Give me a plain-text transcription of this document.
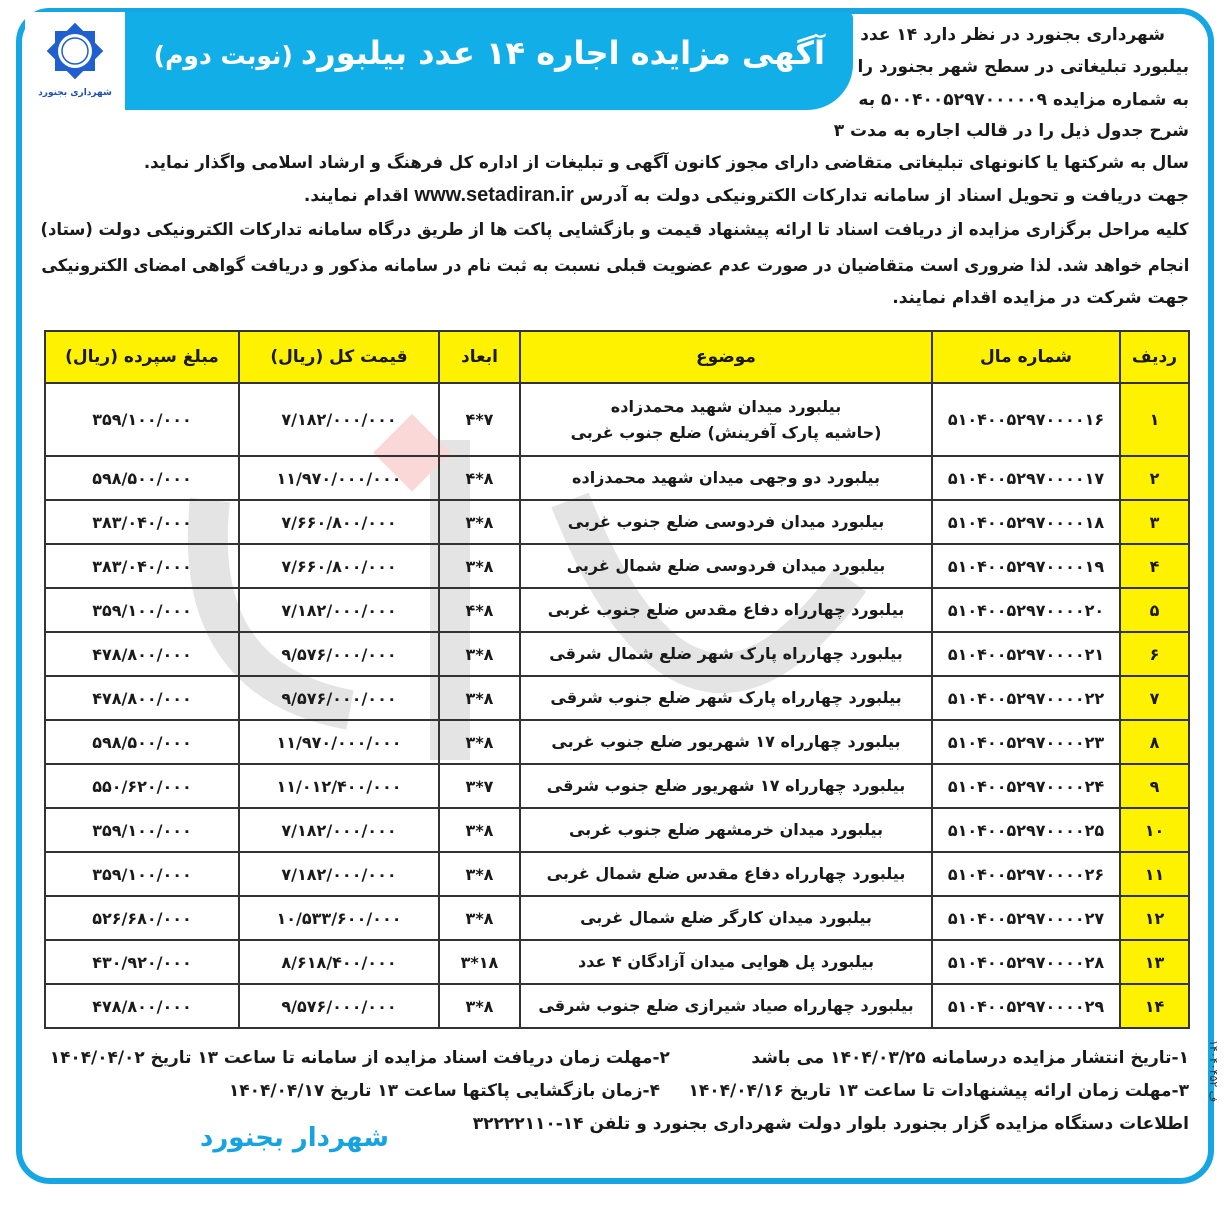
شهرداری بجنورد
آگهی مزایده اجاره ۱۴ عدد بیلبورد(نوبت دوم)
شهرداری بجنورد در نظر دارد ۱۴ عدد
بیلبورد تبلیغاتی در سطح شهر بجنورد را
به شماره مزایده ۵۰۰۴۰۰۵۲۹۷۰۰۰۰۰۹ به
شرح جدول ذیل را در قالب اجاره به مدت ۳
سال به شرکتها یا کانونهای تبلیغاتی متقاضی دارای مجوز کانون آگهی و تبلیغات از اداره کل فرهنگ و ارشاد اسلامی واگذار نماید.
جهت دریافت و تحویل اسناد از سامانه تدارکات الکترونیکی دولت به آدرس www.setadiran.ir اقدام نمایند.
کلیه مراحل برگزاری مزایده از دریافت اسناد تا ارائه پیشنهاد قیمت و بازگشایی پاکت ها از طریق درگاه سامانه تدارکات الکترونیکی دولت (ستاد)
انجام خواهد شد. لذا ضروری است متقاضیان در صورت عدم عضویت قبلی نسبت به ثبت نام در سامانه مذکور و دریافت گواهی امضای الکترونیکی
جهت شرکت در مزایده اقدام نمایند.
ردیف	شماره مال	موضوع	ابعاد	قیمت کل (ریال)	مبلغ سپرده (ریال)
۱	۵۱۰۴۰۰۵۲۹۷۰۰۰۰۱۶	بیلبورد میدان شهید محمدزاده
(حاشیه پارک آفرینش) ضلع جنوب غربی	۴*۷	۷/۱۸۲/۰۰۰/۰۰۰	۳۵۹/۱۰۰/۰۰۰
۲	۵۱۰۴۰۰۵۲۹۷۰۰۰۰۱۷	بیلبورد دو وجهی میدان شهید محمدزاده	۴*۸	۱۱/۹۷۰/۰۰۰/۰۰۰	۵۹۸/۵۰۰/۰۰۰
۳	۵۱۰۴۰۰۵۲۹۷۰۰۰۰۱۸	بیلبورد میدان فردوسی ضلع جنوب غربی	۳*۸	۷/۶۶۰/۸۰۰/۰۰۰	۳۸۳/۰۴۰/۰۰۰
۴	۵۱۰۴۰۰۵۲۹۷۰۰۰۰۱۹	بیلبورد میدان فردوسی ضلع شمال غربی	۳*۸	۷/۶۶۰/۸۰۰/۰۰۰	۳۸۳/۰۴۰/۰۰۰
۵	۵۱۰۴۰۰۵۲۹۷۰۰۰۰۲۰	بیلبورد چهارراه دفاع مقدس ضلع جنوب غربی	۴*۸	۷/۱۸۲/۰۰۰/۰۰۰	۳۵۹/۱۰۰/۰۰۰
۶	۵۱۰۴۰۰۵۲۹۷۰۰۰۰۲۱	بیلبورد چهارراه پارک شهر ضلع شمال شرقی	۳*۸	۹/۵۷۶/۰۰۰/۰۰۰	۴۷۸/۸۰۰/۰۰۰
۷	۵۱۰۴۰۰۵۲۹۷۰۰۰۰۲۲	بیلبورد چهارراه پارک شهر ضلع جنوب شرقی	۳*۸	۹/۵۷۶/۰۰۰/۰۰۰	۴۷۸/۸۰۰/۰۰۰
۸	۵۱۰۴۰۰۵۲۹۷۰۰۰۰۲۳	بیلبورد چهارراه ۱۷ شهریور ضلع جنوب غربی	۳*۸	۱۱/۹۷۰/۰۰۰/۰۰۰	۵۹۸/۵۰۰/۰۰۰
۹	۵۱۰۴۰۰۵۲۹۷۰۰۰۰۲۴	بیلبورد چهارراه ۱۷ شهریور ضلع جنوب شرقی	۳*۷	۱۱/۰۱۲/۴۰۰/۰۰۰	۵۵۰/۶۲۰/۰۰۰
۱۰	۵۱۰۴۰۰۵۲۹۷۰۰۰۰۲۵	بیلبورد میدان خرمشهر ضلع جنوب غربی	۳*۸	۷/۱۸۲/۰۰۰/۰۰۰	۳۵۹/۱۰۰/۰۰۰
۱۱	۵۱۰۴۰۰۵۲۹۷۰۰۰۰۲۶	بیلبورد چهارراه دفاع مقدس ضلع شمال غربی	۳*۸	۷/۱۸۲/۰۰۰/۰۰۰	۳۵۹/۱۰۰/۰۰۰
۱۲	۵۱۰۴۰۰۵۲۹۷۰۰۰۰۲۷	بیلبورد میدان کارگر ضلع شمال غربی	۳*۸	۱۰/۵۳۳/۶۰۰/۰۰۰	۵۲۶/۶۸۰/۰۰۰
۱۳	۵۱۰۴۰۰۵۲۹۷۰۰۰۰۲۸	بیلبورد پل هوایی میدان آزادگان ۴ عدد	۳*۱۸	۸/۶۱۸/۴۰۰/۰۰۰	۴۳۰/۹۲۰/۰۰۰
۱۴	۵۱۰۴۰۰۵۲۹۷۰۰۰۰۲۹	بیلبورد چهارراه صیاد شیرازی ضلع جنوب شرقی	۳*۸	۹/۵۷۶/۰۰۰/۰۰۰	۴۷۸/۸۰۰/۰۰۰
۱-تاریخ انتشار مزایده درسامانه ۱۴۰۴/۰۳/۲۵ می باشد
۲-مهلت زمان دریافت اسناد مزایده از سامانه تا ساعت ۱۳ تاریخ ۱۴۰۴/۰۴/۰۲
۳-مهلت زمان ارائه پیشنهادات تا ساعت ۱۳ تاریخ ۱۴۰۴/۰۴/۱۶
۴-زمان بازگشایی پاکتها ساعت ۱۳ تاریخ ۱۴۰۴/۰۴/۱۷
اطلاعات دستگاه مزایده گزار بجنورد بلوار دولت شهرداری بجنورد و تلفن ۳۲۲۲۲۱۱۰-۱۴
شهردار بجنورد
ف ۱۴۰۴۰۴۵۲
